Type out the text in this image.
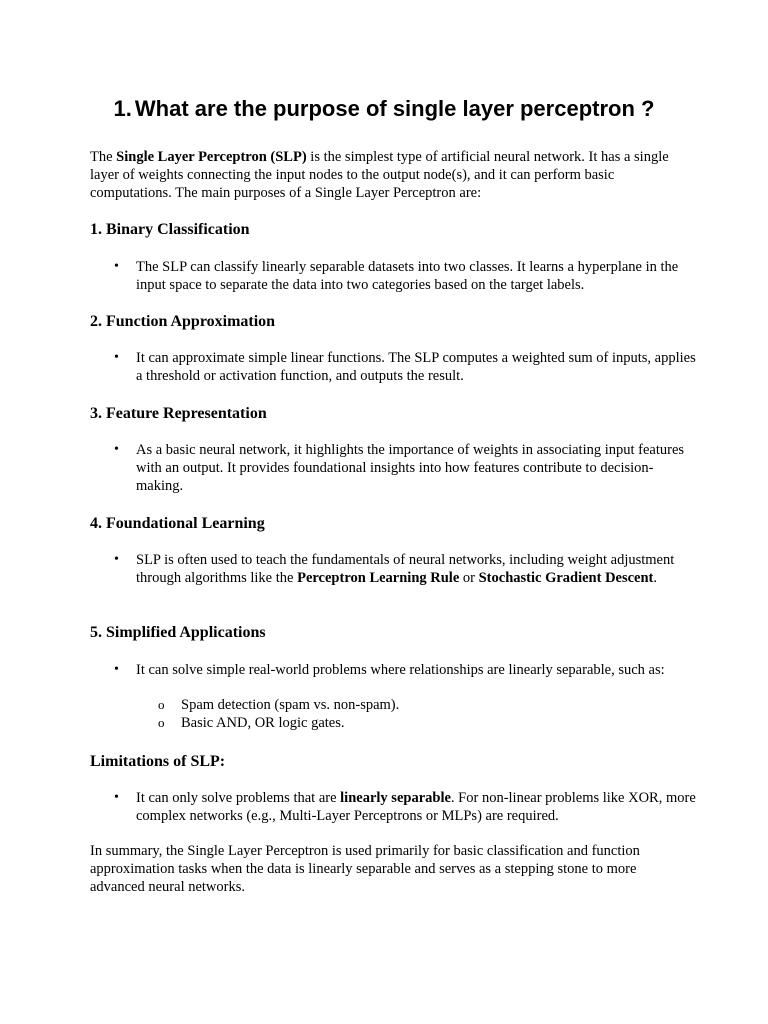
1. What are the purpose of single layer perceptron ?

The Single Layer Perceptron (SLP) is the simplest type of artificial neural network. It has a single layer of weights connecting the input nodes to the output node(s), and it can perform basic computations. The main purposes of a Single Layer Perceptron are:

1. Binary Classification

• The SLP can classify linearly separable datasets into two classes. It learns a hyperplane in the input space to separate the data into two categories based on the target labels.

2. Function Approximation

• It can approximate simple linear functions. The SLP computes a weighted sum of inputs, applies a threshold or activation function, and outputs the result.

3. Feature Representation

• As a basic neural network, it highlights the importance of weights in associating input features with an output. It provides foundational insights into how features contribute to decision-making.

4. Foundational Learning

• SLP is often used to teach the fundamentals of neural networks, including weight adjustment through algorithms like the Perceptron Learning Rule or Stochastic Gradient Descent.

5. Simplified Applications

• It can solve simple real-world problems where relationships are linearly separable, such as:

o Spam detection (spam vs. non-spam).

o Basic AND, OR logic gates.

Limitations of SLP:

• It can only solve problems that are linearly separable. For non-linear problems like XOR, more complex networks (e.g., Multi-Layer Perceptrons or MLPs) are required.

In summary, the Single Layer Perceptron is used primarily for basic classification and function approximation tasks when the data is linearly separable and serves as a stepping stone to more advanced neural networks.
